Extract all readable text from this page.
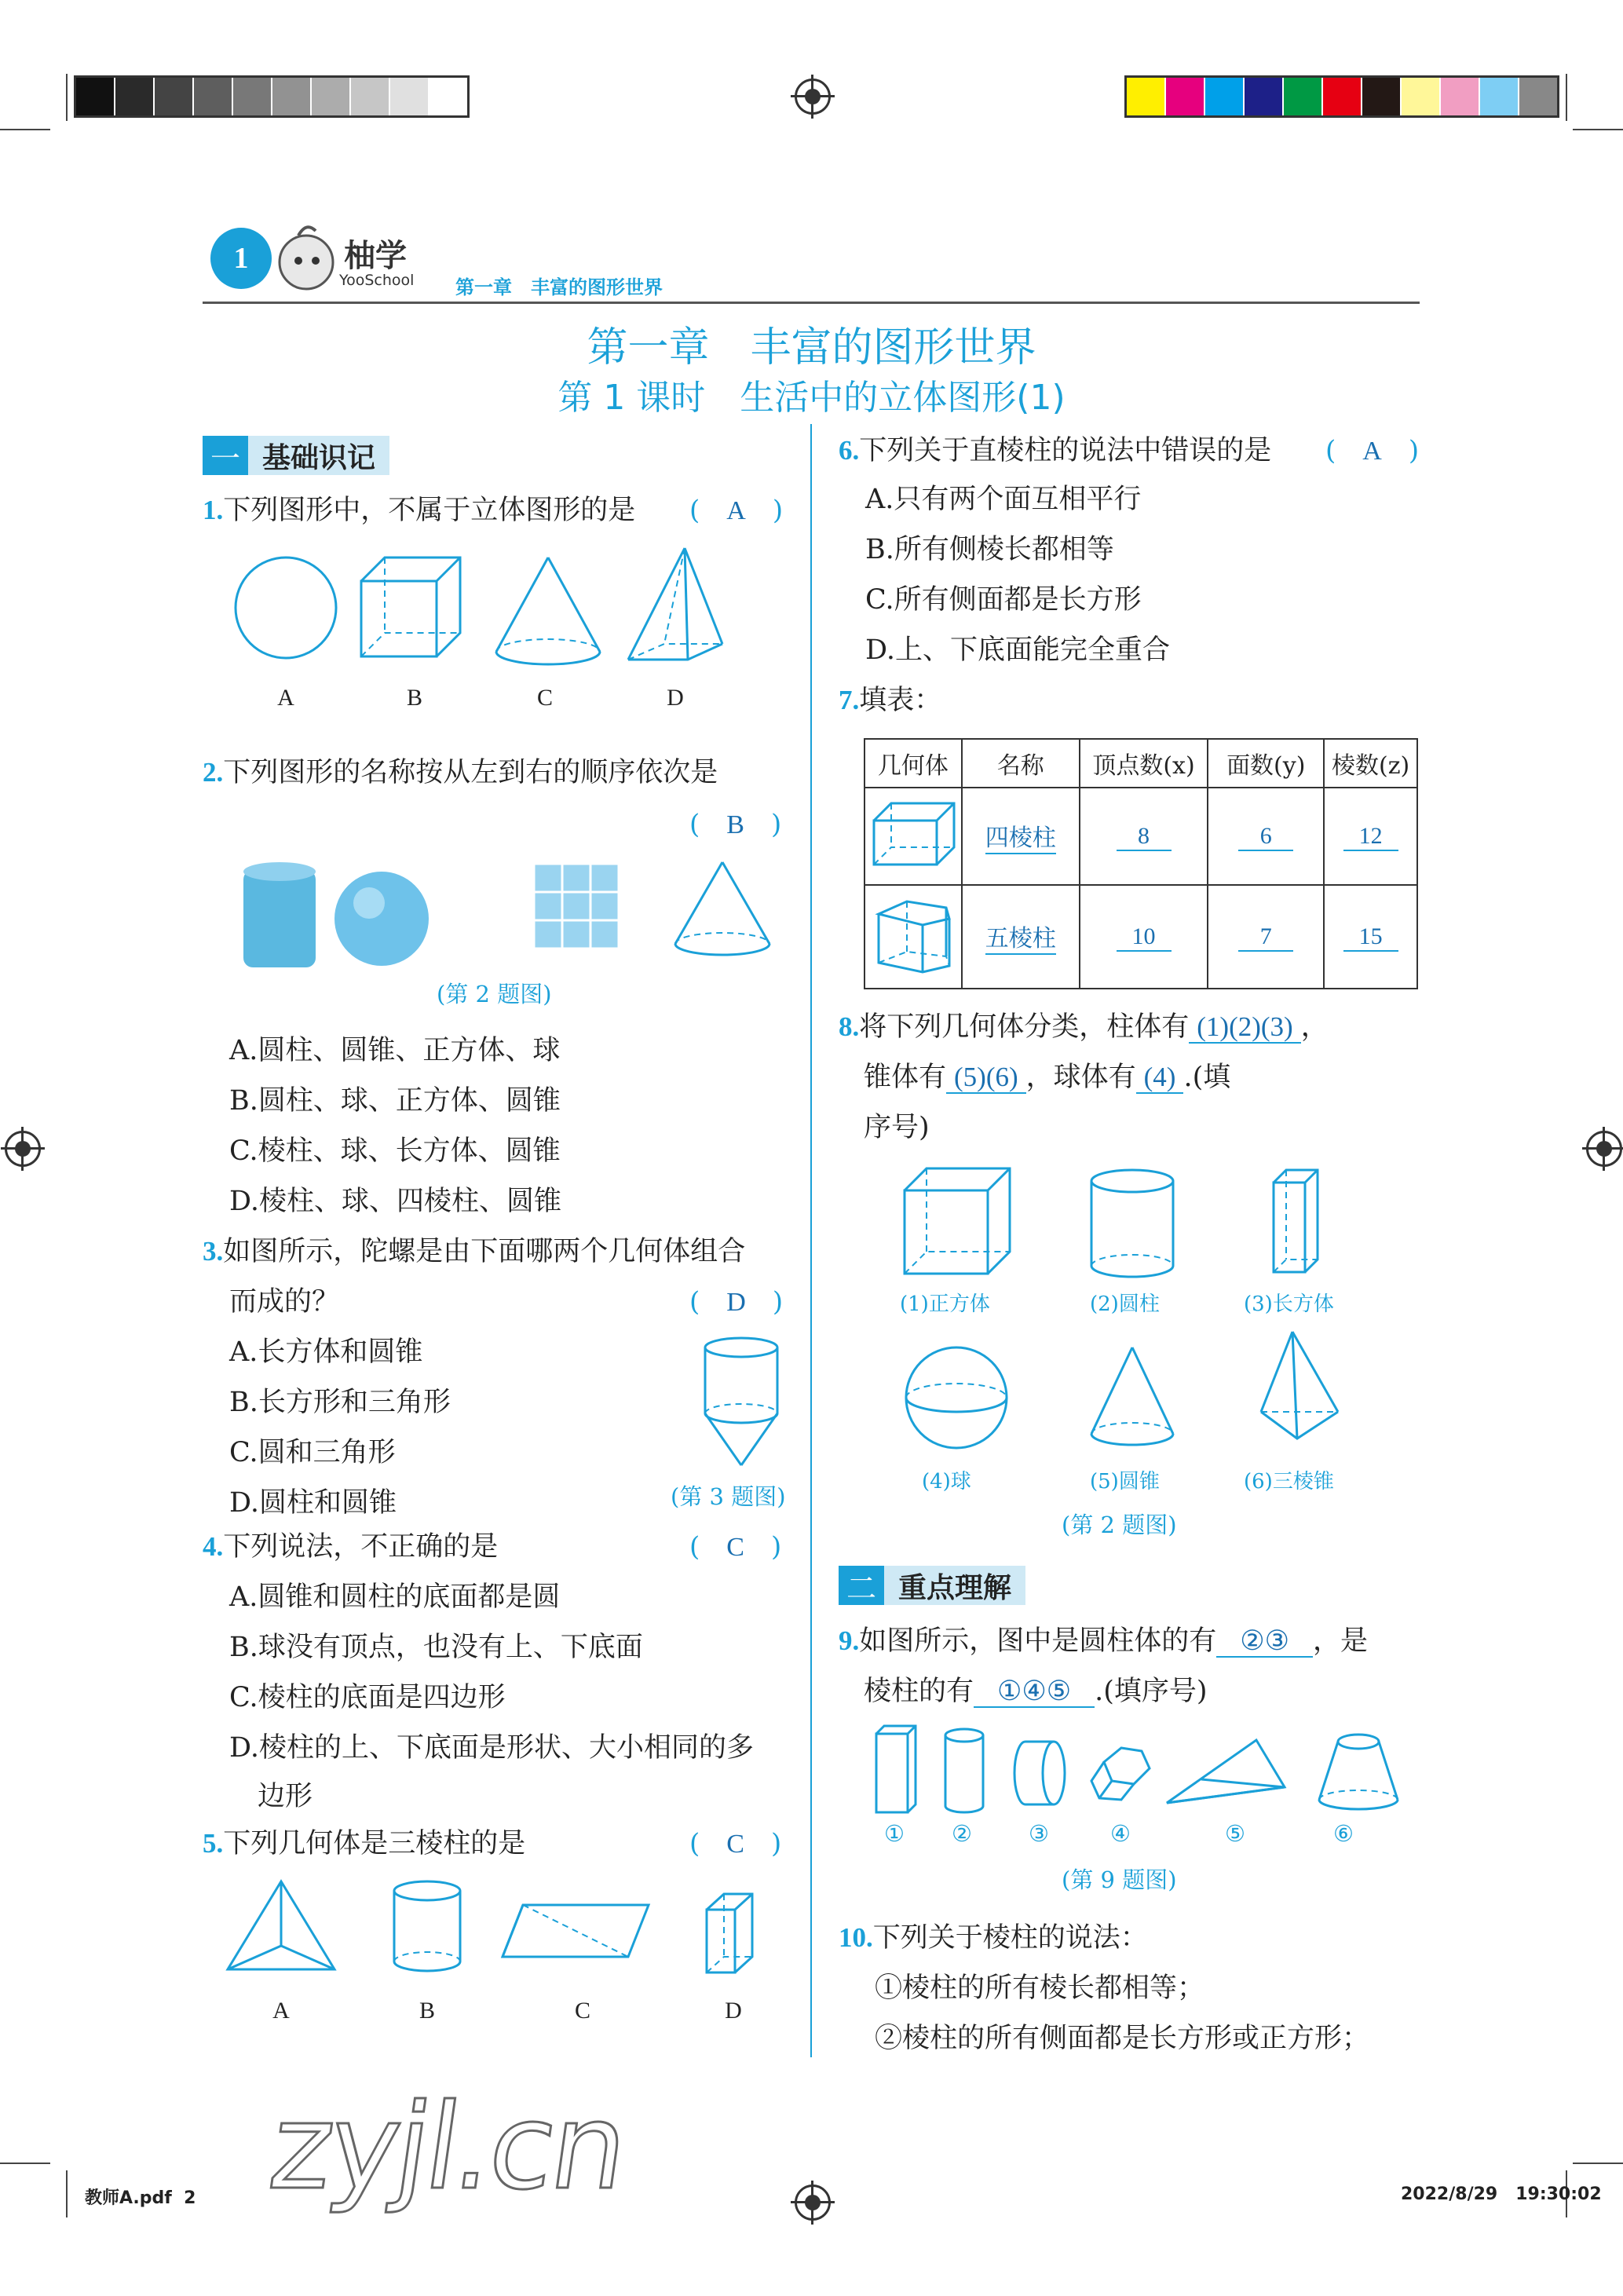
1	柚学
YooSchool 第一章　丰富的图形世界
第一章　丰富的图形世界
第 1 课时　生活中的立体图形(1)
一 基础识记
1.下列图形中，不属于立体图形的是 (　A　)
A	B	C	D
2.下列图形的名称按从左到右的顺序依次是
(　B　)
(第 2 题图)
A.圆柱、圆锥、正方体、球
B.圆柱、球、正方体、圆锥
C.棱柱、球、长方体、圆锥
D.棱柱、球、四棱柱、圆锥
3.如图所示，陀螺是由下面哪两个几何体组合
而成的？	(　D　)
A.长方体和圆锥
B.长方形和三角形
C.圆和三角形
D.圆柱和圆锥	(第 3 题图)
4.下列说法，不正确的是	(　C　)
A.圆锥和圆柱的底面都是圆
B.球没有顶点，也没有上、下底面
C.棱柱的底面是四边形
D.棱柱的上、下底面是形状、大小相同的多
边形
5.下列几何体是三棱柱的是	(　C　)
A	B	C	D
6.下列关于直棱柱的说法中错误的是 (　A　)
A.只有两个面互相平行
B.所有侧棱长都相等
C.所有侧面都是长方形
D.上、下底面能完全重合
7.填表：
几何体	名称	顶点数(x)	面数(y)	棱数(z)
	四棱柱	8	6	12
	五棱柱	10	7	15
8.将下列几何体分类，柱体有 (1)(2)(3) ，
锥体有 (5)(6) ，球体有 (4) .(填
序号)
(1)正方体	(2)圆柱	(3)长方体
(4)球	(5)圆锥	(6)三棱锥
(第 2 题图)
二 重点理解
9.如图所示，图中是圆柱体的有 ②③ ，是
棱柱的有 ①④⑤ .(填序号)
① ② ③	④	⑤	⑥
(第 9 题图)
10.下列关于棱柱的说法：
①棱柱的所有棱长都相等；
②棱柱的所有侧面都是长方形或正方形；
zyjl.cn
教师A.pdf  2	2022/8/29   19:30:02
